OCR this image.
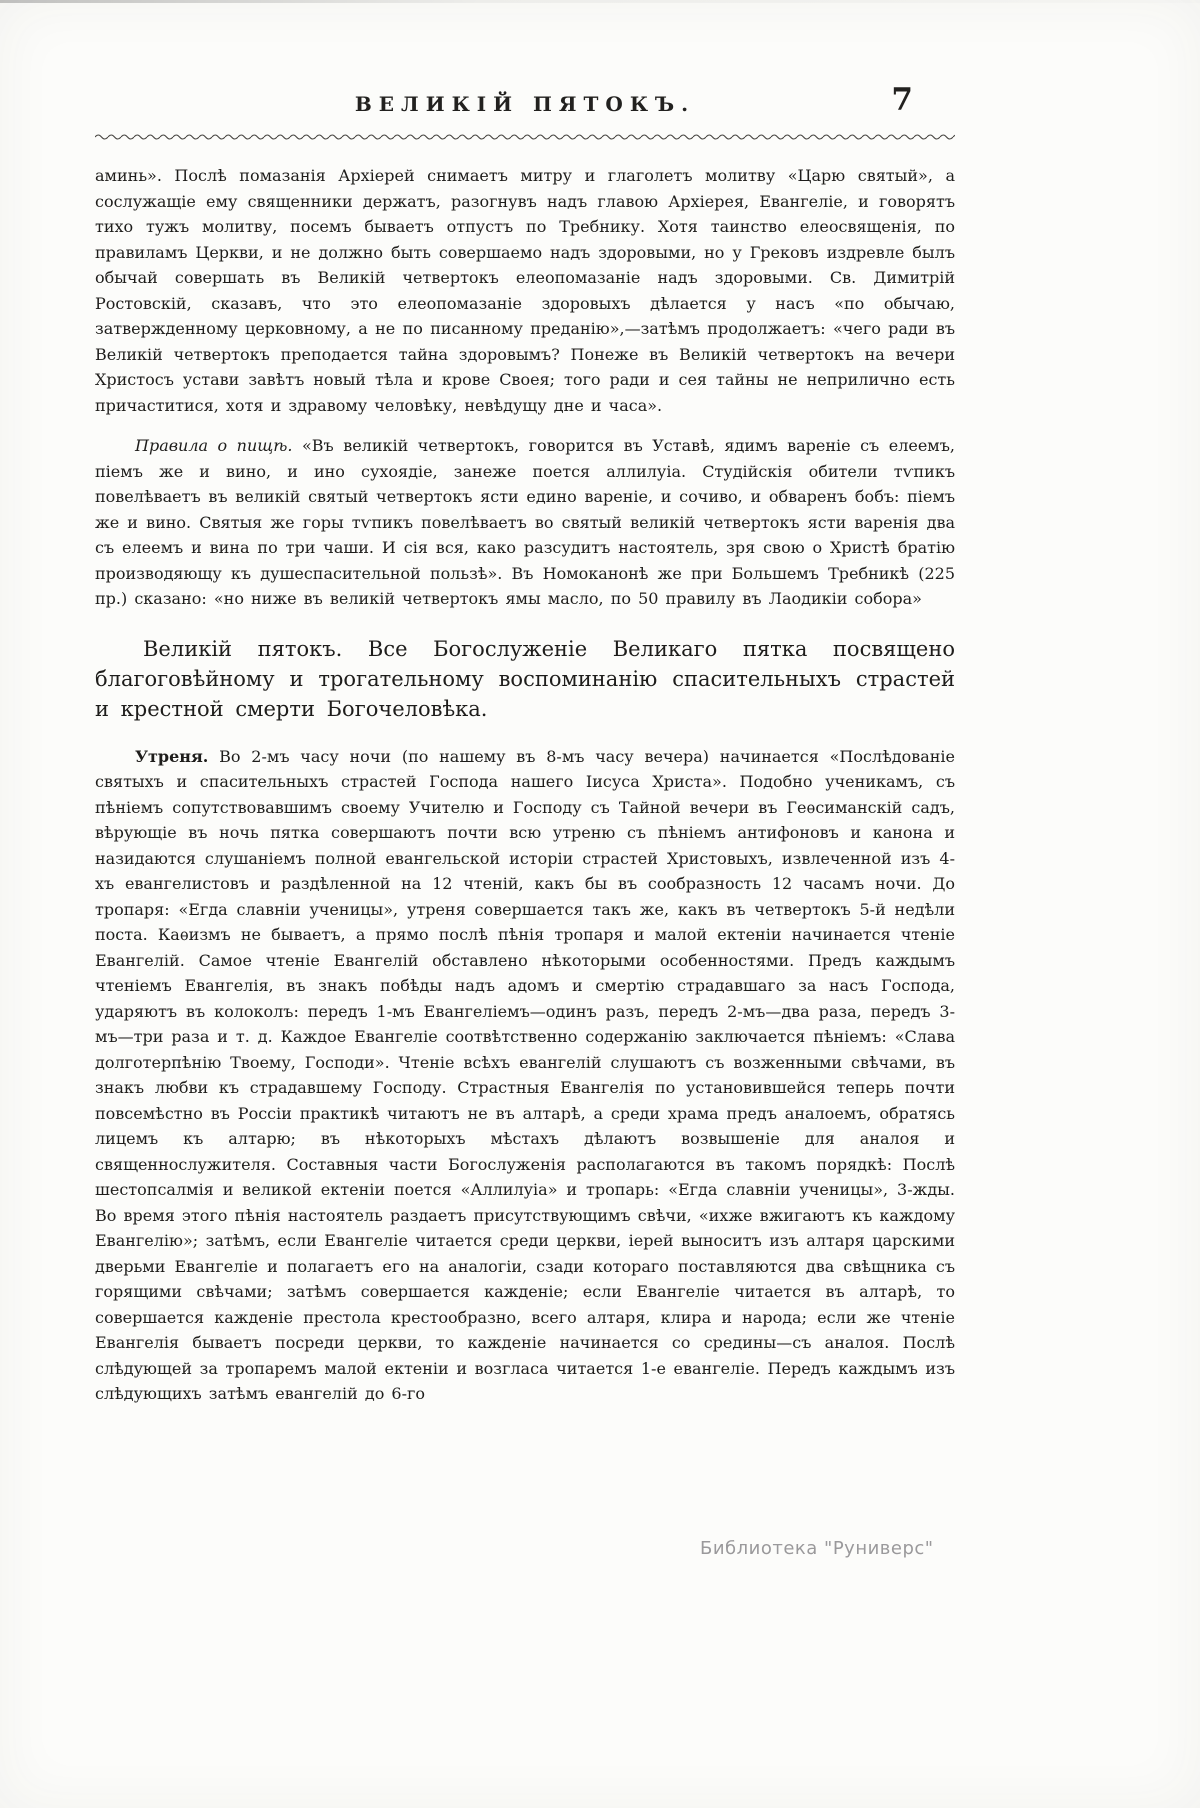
ВЕЛИКІЙ ПЯТОКЪ.	7

аминь». Послѣ помазанія Архіерей снимаетъ митру и глаголетъ молитву «Царю святый», а сослужащіе ему священники держатъ, разогнувъ надъ главою Архіерея, Евангеліе, и говорятъ тихо тужъ молитву, посемъ бываетъ отпустъ по Требнику. Хотя таинство елеосвященія, по правиламъ Церкви, и не должно быть совершаемо надъ здоровыми, но у Грековъ издревле былъ обычай совершать въ Великій четвертокъ елеопомазаніе надъ здоровыми. Св. Димитрій Ростовскій, сказавъ, что это елеопомазаніе здоровыхъ дѣлается у насъ «по обычаю, затвержденному церковному, а не по писанному преданію»,—затѣмъ продолжаетъ: «чего ради въ Великій четвертокъ преподается тайна здоровымъ? Понеже въ Великій четвертокъ на вечери Христосъ устави завѣтъ новый тѣла и крове Своея; того ради и сея тайны не неприлично есть причаститися, хотя и здравому человѣку, невѣдущу дне и часа».

Правила о пищѣ. «Въ великій четвертокъ, говорится въ Уставѣ, ядимъ вареніе съ елеемъ, піемъ же и вино, и ино сухоядіе, занеже поется аллилуіа. Студійскія обители тѵпикъ повелѣваетъ въ великій святый четвертокъ ясти едино вареніе, и сочиво, и обваренъ бобъ: піемъ же и вино. Святыя же горы тѵпикъ повелѣваетъ во святый великій четвертокъ ясти варенія два съ елеемъ и вина по три чаши. И сія вся, како разсудитъ настоятель, зря свою о Христѣ братію производяющу къ душеспасительной пользѣ». Въ Номоканонѣ же при Большемъ Требникѣ (225 пр.) сказано: «но ниже въ великій четвертокъ ямы масло, по 50 правилу въ Лаодикіи собора»

Великій пятокъ. Все Богослуженіе Великаго пятка посвящено благоговѣйному и трогательному воспоминанію спасительныхъ страстей и крестной смерти Богочеловѣка.

Утреня. Во 2-мъ часу ночи (по нашему въ 8-мъ часу вечера) начинается «Послѣдованіе святыхъ и спасительныхъ страстей Господа нашего Іисуса Христа». Подобно ученикамъ, съ пѣніемъ сопутствовавшимъ своему Учителю и Господу съ Тайной вечери въ Геѳсиманскій садъ, вѣрующіе въ ночь пятка совершаютъ почти всю утреню съ пѣніемъ антифоновъ и канона и назидаются слушаніемъ полной евангельской исторіи страстей Христовыхъ, извлеченной изъ 4-хъ евангелистовъ и раздѣленной на 12 чтеній, какъ бы въ сообразность 12 часамъ ночи. До тропаря: «Егда славніи ученицы», утреня совершается такъ же, какъ въ четвертокъ 5-й недѣли поста. Каѳизмъ не бываетъ, а прямо послѣ пѣнія тропаря и малой ектеніи начинается чтеніе Евангелій. Самое чтеніе Евангелій обставлено нѣкоторыми особенностями. Предъ каждымъ чтеніемъ Евангелія, въ знакъ побѣды надъ адомъ и смертію страдавшаго за насъ Господа, ударяютъ въ колоколъ: передъ 1-мъ Евангеліемъ—одинъ разъ, передъ 2-мъ—два раза, передъ 3-мъ—три раза и т. д. Каждое Евангеліе соотвѣтственно содержанію заключается пѣніемъ: «Слава долготерпѣнію Твоему, Господи». Чтеніе всѣхъ евангелій слушаютъ съ возженными свѣчами, въ знакъ любви къ страдавшему Господу. Страстныя Евангелія по установившейся теперь почти повсемѣстно въ Россіи практикѣ читаютъ не въ алтарѣ, а среди храма предъ аналоемъ, обратясь лицемъ къ алтарю; въ нѣкоторыхъ мѣстахъ дѣлаютъ возвышеніе для аналоя и священнослужителя. Составныя части Богослуженія располагаются въ такомъ порядкѣ: Послѣ шестопсалмія и великой ектеніи поется «Аллилуіа» и тропарь: «Егда славніи ученицы», 3-жды. Во время этого пѣнія настоятель раздаетъ присутствующимъ свѣчи, «ихже вжигаютъ къ каждому Евангелію»; затѣмъ, если Евангеліе читается среди церкви, іерей выноситъ изъ алтаря царскими дверьми Евангеліе и полагаетъ его на аналогіи, сзади котораго поставляются два свѣщника съ горящими свѣчами; затѣмъ совершается кажденіе; если Евангеліе читается въ алтарѣ, то совершается кажденіе престола крестообразно, всего алтаря, клира и народа; если же чтеніе Евангелія бываетъ посреди церкви, то кажденіе начинается со средины—съ аналоя. Послѣ слѣдующей за тропаремъ малой ектеніи и возгласа читается 1-е евангеліе. Передъ каждымъ изъ слѣдующихъ затѣмъ евангелій до 6-го

Библиотека "Руниверс"
